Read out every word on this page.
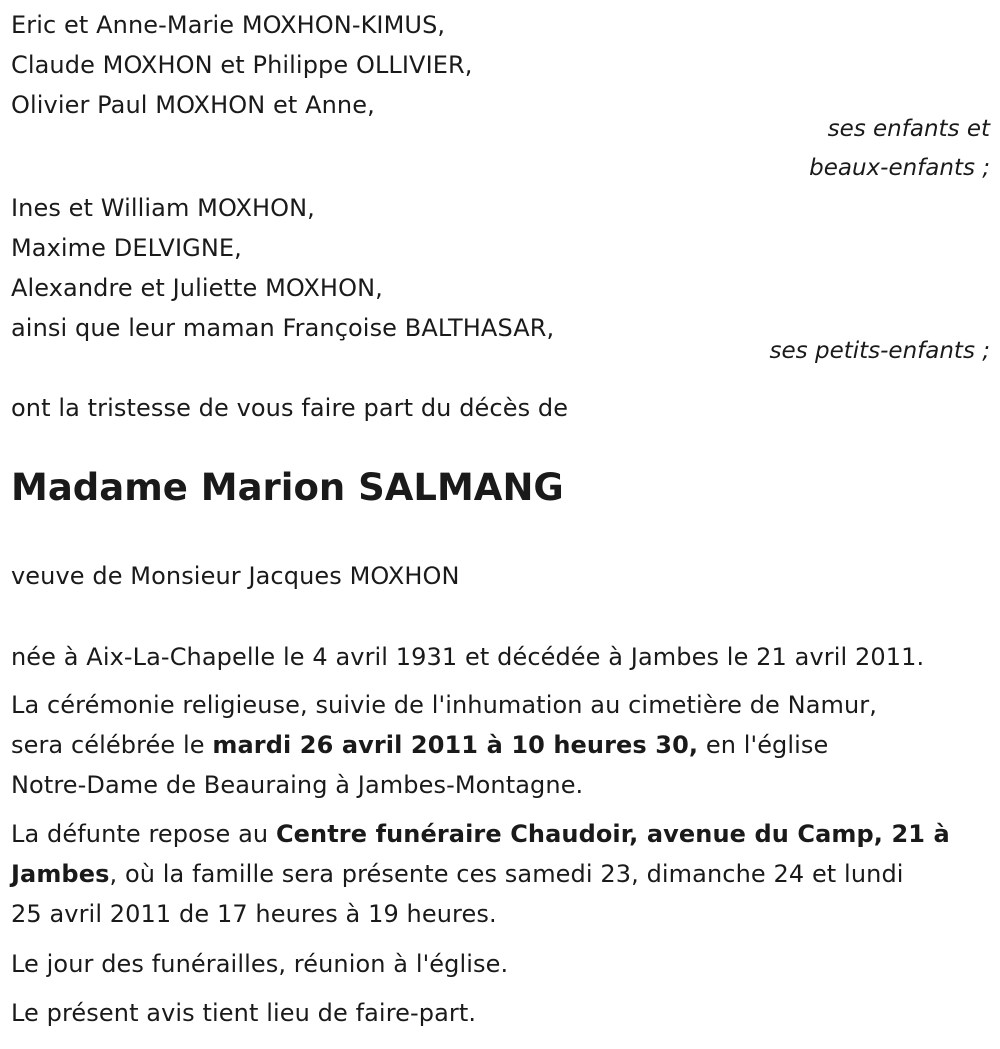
Eric et Anne-Marie MOXHON-KIMUS,
Claude MOXHON et Philippe OLLIVIER,
Olivier Paul MOXHON et Anne,
ses enfants et
beaux-enfants ;
Ines et William MOXHON,
Maxime DELVIGNE,
Alexandre et Juliette MOXHON,
ainsi que leur maman Françoise BALTHASAR,
ses petits-enfants ;
ont la tristesse de vous faire part du décès de
Madame Marion SALMANG
veuve de Monsieur Jacques MOXHON
née à Aix-La-Chapelle le 4 avril 1931 et décédée à Jambes le 21 avril 2011.
La cérémonie religieuse, suivie de l'inhumation au cimetière de Namur,
sera célébrée le mardi 26 avril 2011 à 10 heures 30, en l'église
Notre-Dame de Beauraing à Jambes-Montagne.
La défunte repose au Centre funéraire Chaudoir, avenue du Camp, 21 à
Jambes, où la famille sera présente ces samedi 23, dimanche 24 et lundi
25 avril 2011 de 17 heures à 19 heures.
Le jour des funérailles, réunion à l'église.
Le présent avis tient lieu de faire-part.
